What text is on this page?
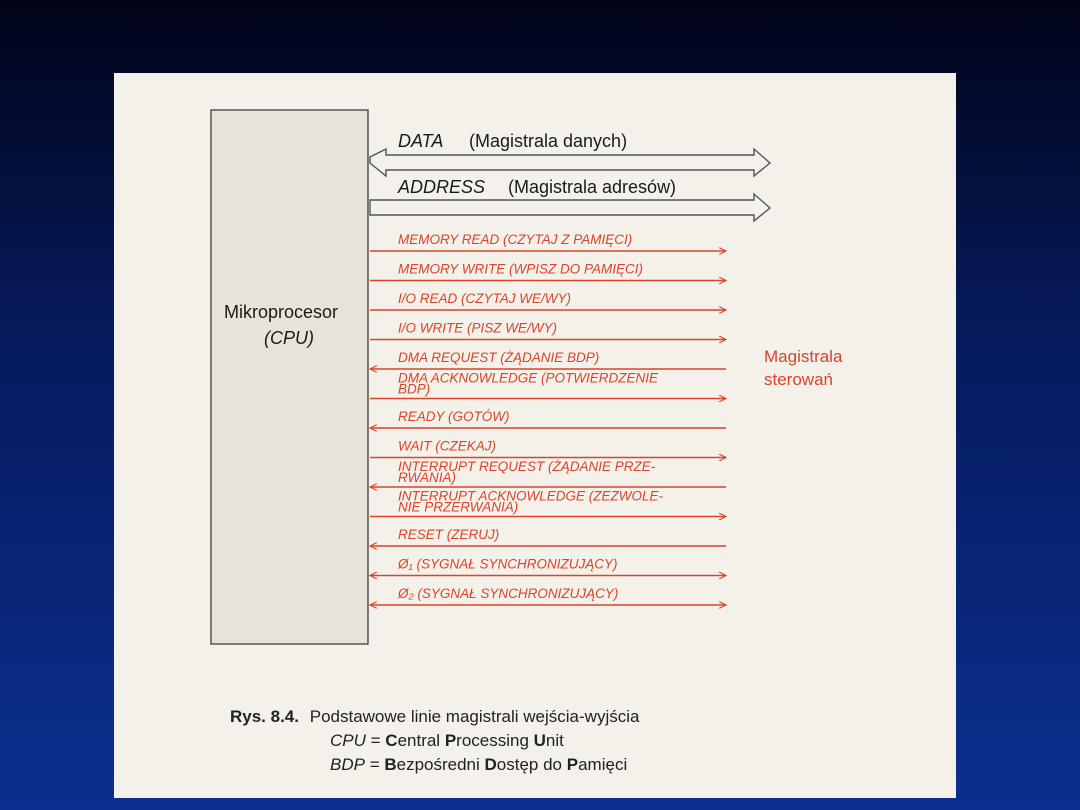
Mikroprocesor
(CPU)
DATA (Magistrala danych)
ADDRESS (Magistrala adresów)
MEMORY READ (CZYTAJ Z PAMIĘCI)
MEMORY WRITE (WPISZ DO PAMIĘCI)
I/O READ (CZYTAJ WE/WY)
I/O WRITE (PISZ WE/WY)
DMA REQUEST (ŻĄDANIE BDP)
DMA ACKNOWLEDGE (POTWIERDZENIE
BDP)
READY (GOTÓW)
WAIT (CZEKAJ)
INTERRUPT REQUEST (ŻĄDANIE PRZE-
RWANIA)
INTERRUPT ACKNOWLEDGE (ZEZWOLE-
NIE PRZERWANIA)
RESET (ZERUJ)
Ø₁ (SYGNAŁ SYNCHRONIZUJĄCY)
Ø₂ (SYGNAŁ SYNCHRONIZUJĄCY)
Magistrala
sterowań
Rys. 8.4. Podstawowe linie magistrali wejścia-wyjścia
CPU = Central Processing Unit
BDP = Bezpośredni Dostęp do Pamięci
